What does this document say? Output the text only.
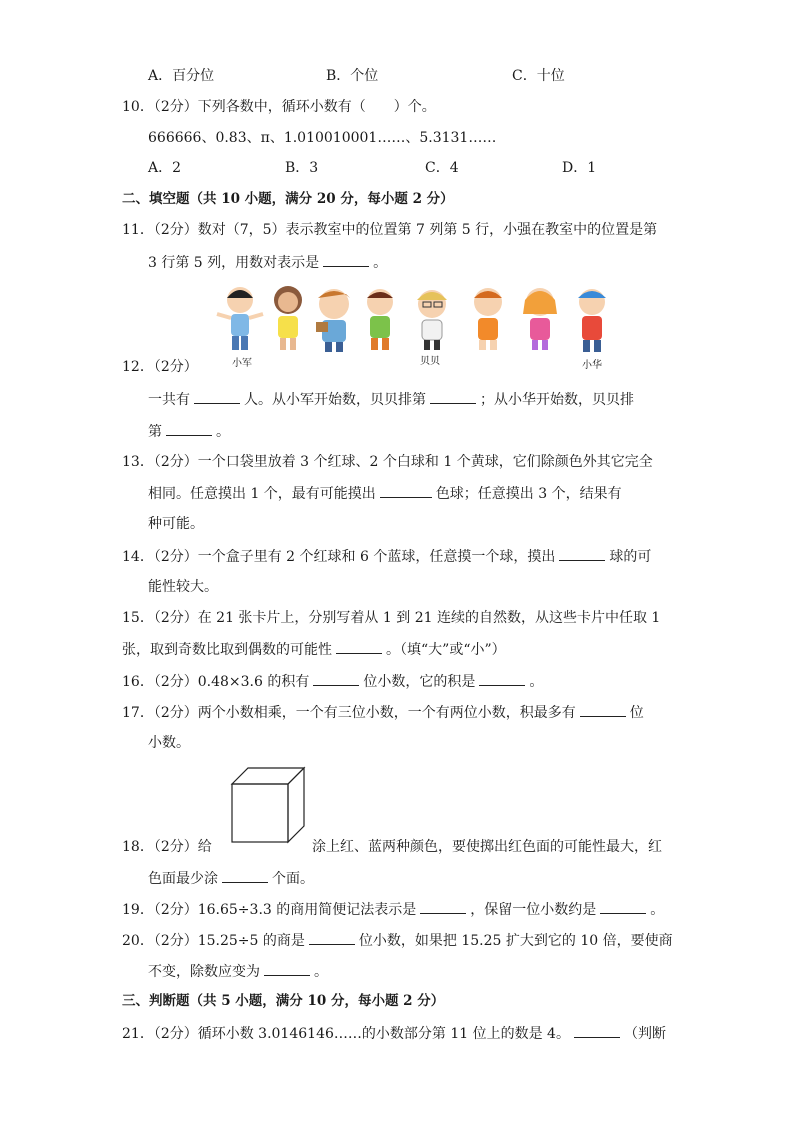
A．百分位	B．个位	C．十位
10．（2分）下列各数中，循环小数有（　　）个。
666666、0.83、π、1.010010001……、5.3131……
A．2	B．3	C．4	D．1
二、填空题（共 10 小题，满分 20 分，每小题 2 分）
11．（2分）数对（7，5）表示教室中的位置第 7 列第 5 行，小强在教室中的位置是第
3 行第 5 列，用数对表示是	。
小军	贝贝	小华
12．（2分）
一共有	人。从小军开始数，贝贝排第	；从小华开始数，贝贝排
第	。
13．（2分）一个口袋里放着 3 个红球、2 个白球和 1 个黄球，它们除颜色外其它完全
相同。任意摸出 1 个，最有可能摸出	色球；任意摸出 3 个，结果有
种可能。
14．（2分）一个盒子里有 2 个红球和 6 个蓝球，任意摸一个球，摸出	球的可
能性较大。
15．（2分）在 21 张卡片上，分别写着从 1 到 21 连续的自然数，从这些卡片中任取 1
张，取到奇数比取到偶数的可能性	。（填“大”或“小”）
16．（2分）0.48×3.6 的积有	位小数，它的积是	。
17．（2分）两个小数相乘，一个有三位小数，一个有两位小数，积最多有	位
小数。
18．（2分）给	涂上红、蓝两种颜色，要使掷出红色面的可能性最大，红
色面最少涂	个面。
19．（2分）16.65÷3.3 的商用简便记法表示是	，保留一位小数约是	。
20．（2分）15.25÷5 的商是	位小数，如果把 15.25 扩大到它的 10 倍，要使商
不变，除数应变为	。
三、判断题（共 5 小题，满分 10 分，每小题 2 分）
21．（2分）循环小数 3.0146146……的小数部分第 11 位上的数是 4。	（判断
